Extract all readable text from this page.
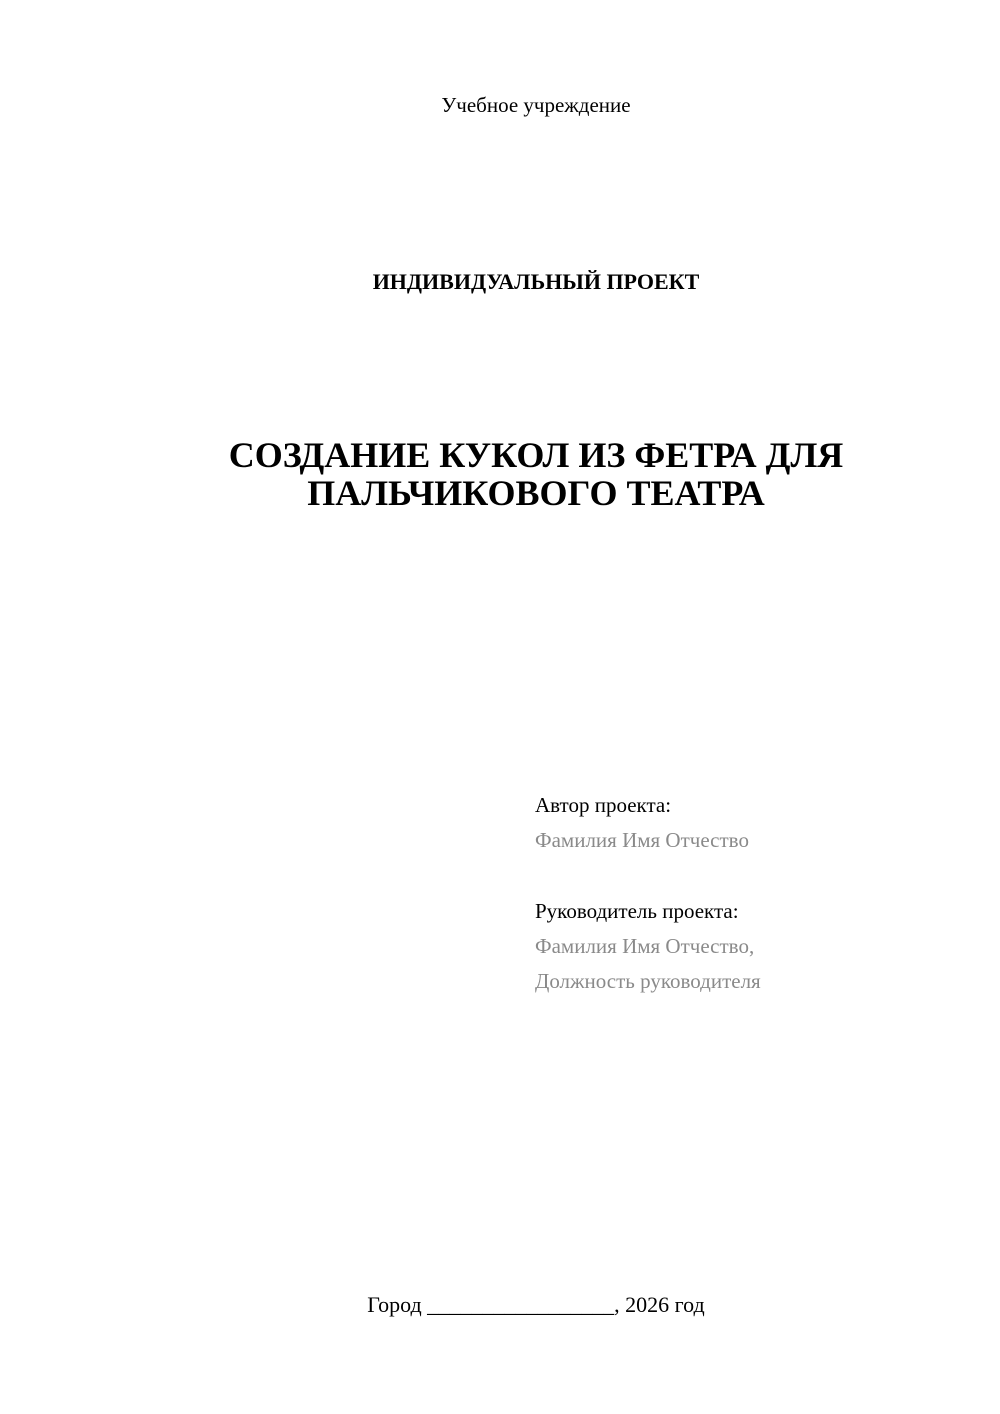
Учебное учреждение
ИНДИВИДУАЛЬНЫЙ ПРОЕКТ
СОЗДАНИЕ КУКОЛ ИЗ ФЕТРА ДЛЯ
ПАЛЬЧИКОВОГО ТЕАТРА
Автор проекта:
Фамилия Имя Отчество
Руководитель проекта:
Фамилия Имя Отчество,
Должность руководителя
Город _________________, 2026 год
